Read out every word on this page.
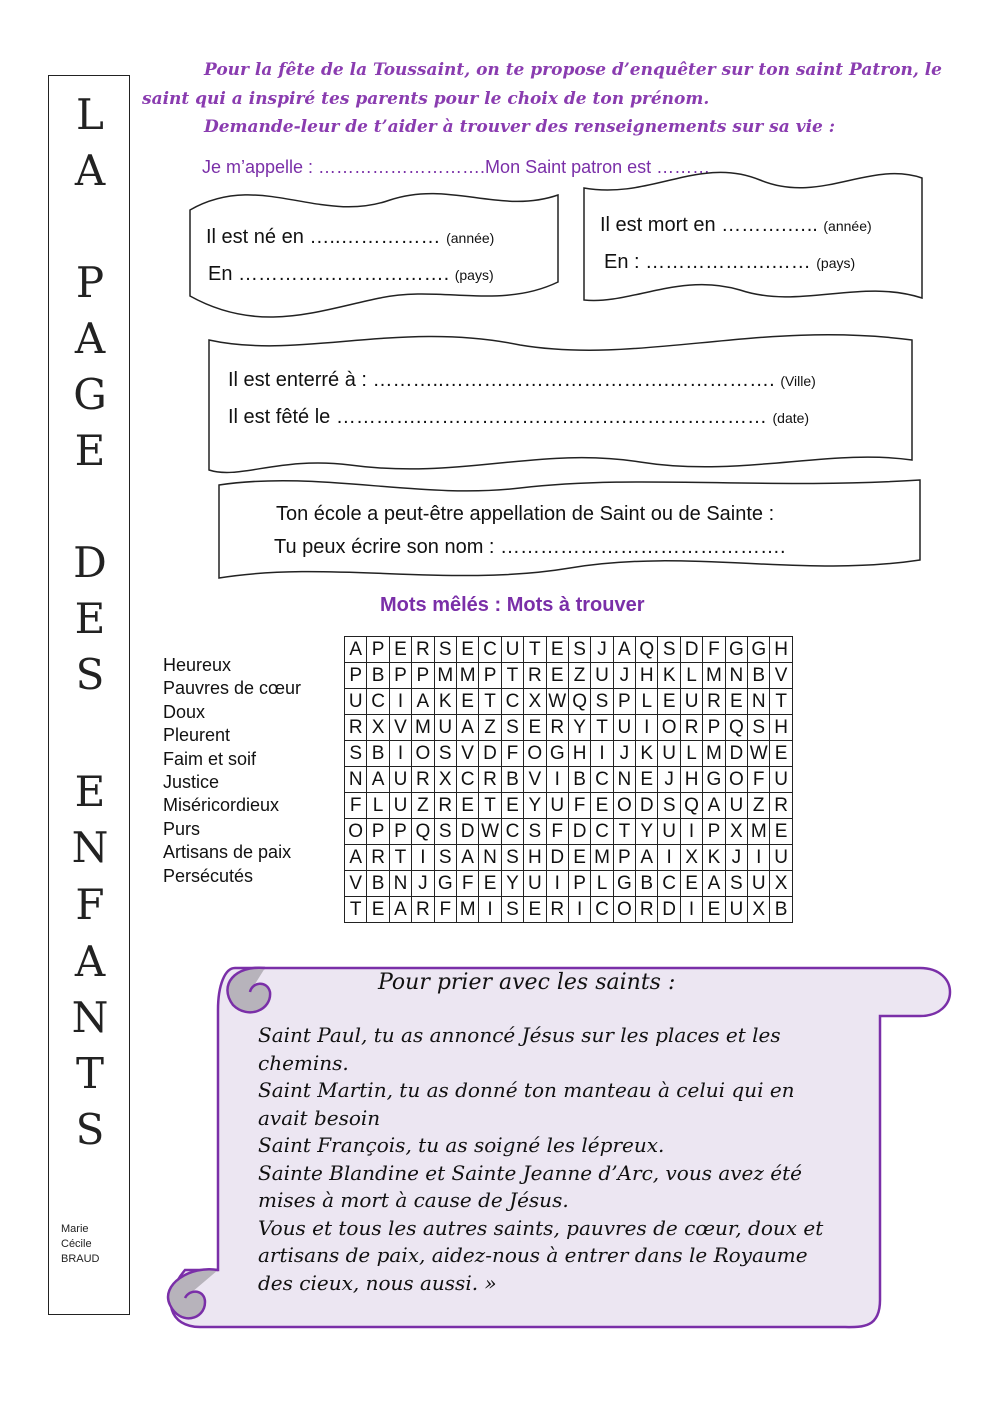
L
A
P
A
G
E
D
E
S
E
N
F
A
N
T
S
Marie
Cécile
BRAUD
Pour la fête de la Toussaint, on te propose d’enquêter sur ton saint Patron, le
saint qui a inspiré tes parents pour le choix de ton prénom.
Demande-leur de t’aider à trouver des renseignements sur sa vie :
Je m’appelle : ……………………….Mon Saint patron est ………
Il est né en …..…………… (année)
En ………….………………. (pays)
Il est mort en ……….….. (année)
En : ……………….…… (pays)
Il est enterré à : ………..…………………………….……………. (Ville)
Il est fêté le ………….………………………….………………… (date)
Ton école a peut-être appellation de Saint ou de Sainte :
Tu peux écrire son nom : …………………………………….
Mots mêlés : Mots à trouver
Heureux
Pauvres de cœur
Doux
Pleurent
Faim et soif
Justice
Miséricordieux
Purs
Artisans de paix
Persécutés
A	P	E	R	S	E	C	U	T	E	S	J	A	Q	S	D	F	G	G	H
P	B	P	P	M	M	P	T	R	E	Z	U	J	H	K	L	M	N	B	V
U	C	I	A	K	E	T	C	X	W	Q	S	P	L	E	U	R	E	N	T
R	X	V	M	U	A	Z	S	E	R	Y	T	U	I	O	R	P	Q	S	H
S	B	I	O	S	V	D	F	O	G	H	I	J	K	U	L	M	D	W	E
N	A	U	R	X	C	R	B	V	I	B	C	N	E	J	H	G	O	F	U
F	L	U	Z	R	E	T	E	Y	U	F	E	O	D	S	Q	A	U	Z	R
O	P	P	Q	S	D	W	C	S	F	D	C	T	Y	U	I	P	X	M	E
A	R	T	I	S	A	N	S	H	D	E	M	P	A	I	X	K	J	I	U
V	B	N	J	G	F	E	Y	U	I	P	L	G	B	C	E	A	S	U	X
T	E	A	R	F	M	I	S	E	R	I	C	O	R	D	I	E	U	X	B
Pour prier avec les saints :
Saint Paul, tu as annoncé Jésus sur les places et les
chemins.
Saint Martin, tu as donné ton manteau à celui qui en
avait besoin
Saint François, tu as soigné les lépreux.
Sainte Blandine et Sainte Jeanne d’Arc, vous avez été
mises à mort à cause de Jésus.
Vous et tous les autres saints, pauvres de cœur, doux et
artisans de paix, aidez-nous à entrer dans le Royaume
des cieux, nous aussi. »
